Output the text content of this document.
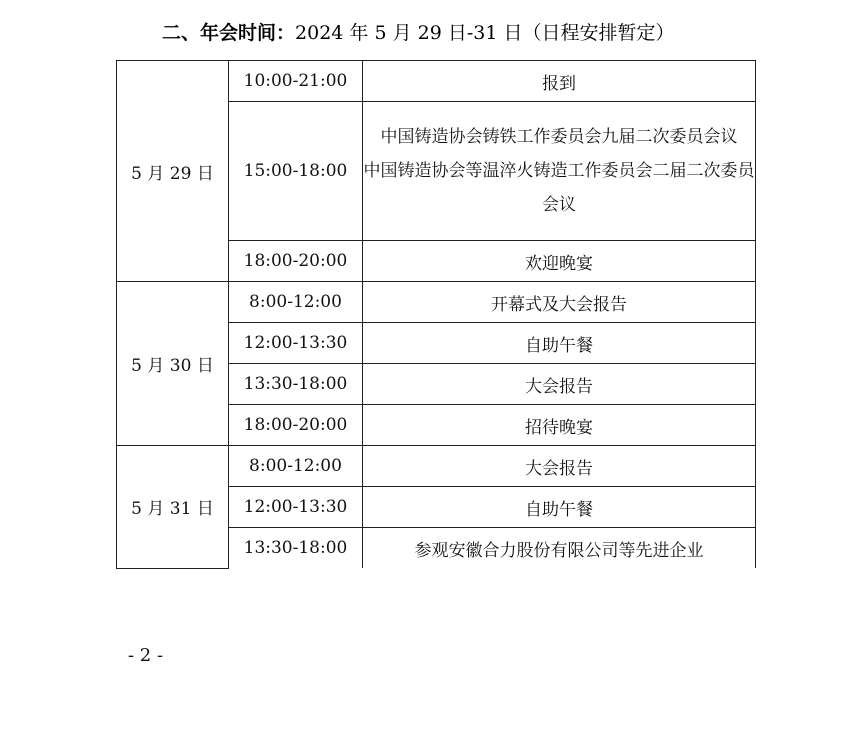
二、年会时间：2024 年 5 月 29 日-31 日（日程安排暂定）
5 月 29 日	10:00-21:00	报到
	15:00-18:00	中国铸造协会铸铁工作委员会九届二次委员会议
中国铸造协会等温淬火铸造工作委员会二届二次委员会议

	18:00-20:00	欢迎晚宴
5 月 30 日	8:00-12:00	开幕式及大会报告
	12:00-13:30	自助午餐
	13:30-18:00	大会报告
	18:00-20:00	招待晚宴
5 月 31 日	8:00-12:00	大会报告
	12:00-13:30	自助午餐
	13:30-18:00	参观安徽合力股份有限公司等先进企业
- 2 -
